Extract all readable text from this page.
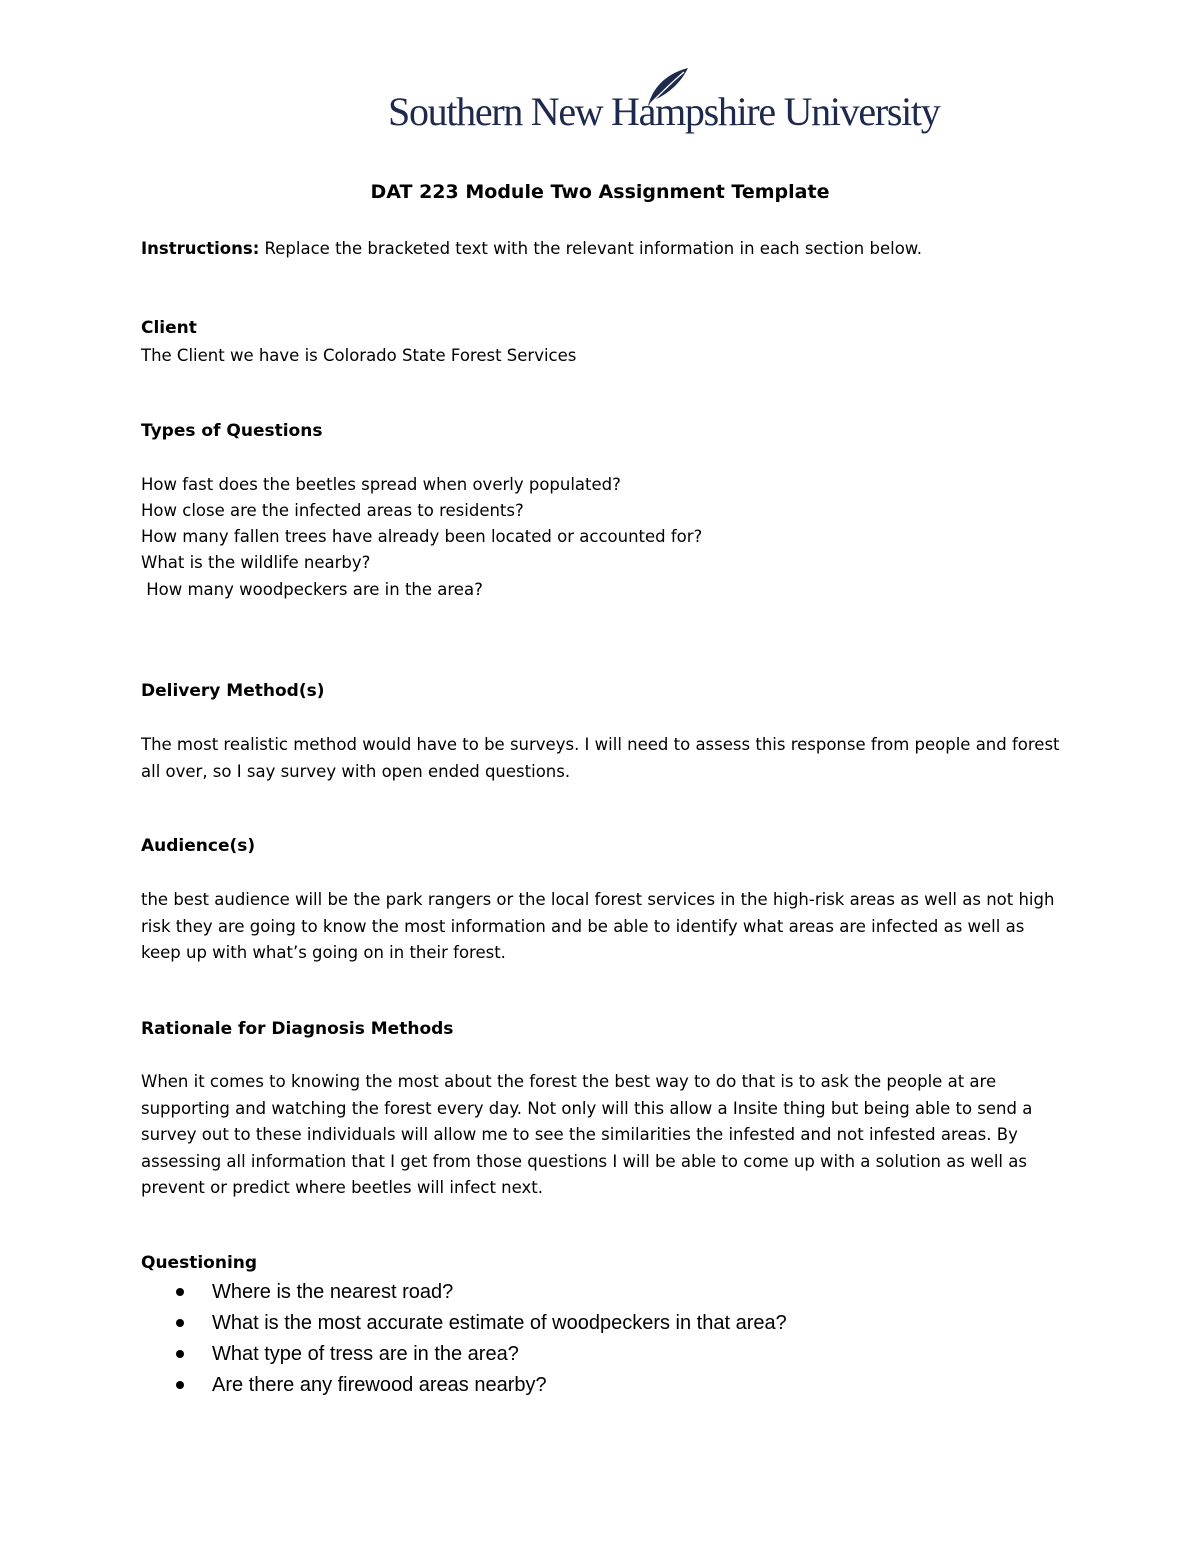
Southern New Hampshire University
DAT 223 Module Two Assignment Template
Instructions: Replace the bracketed text with the relevant information in each section below.
Client
The Client we have is Colorado State Forest Services
Types of Questions
How fast does the beetles spread when overly populated?
How close are the infected areas to residents?
How many fallen trees have already been located or accounted for?
What is the wildlife nearby?
How many woodpeckers are in the area?
Delivery Method(s)
The most realistic method would have to be surveys. I will need to assess this response from people and forest all over, so I say survey with open ended questions.
Audience(s)
the best audience will be the park rangers or the local forest services in the high-risk areas as well as not high risk they are going to know the most information and be able to identify what areas are infected as well as keep up with what’s going on in their forest.
Rationale for Diagnosis Methods
When it comes to knowing the most about the forest the best way to do that is to ask the people at are supporting and watching the forest every day. Not only will this allow a Insite thing but being able to send a survey out to these individuals will allow me to see the similarities the infested and not infested areas. By assessing all information that I get from those questions I will be able to come up with a solution as well as prevent or predict where beetles will infect next.
Questioning
Where is the nearest road?
What is the most accurate estimate of woodpeckers in that area?
What type of tress are in the area?
Are there any firewood areas nearby?
